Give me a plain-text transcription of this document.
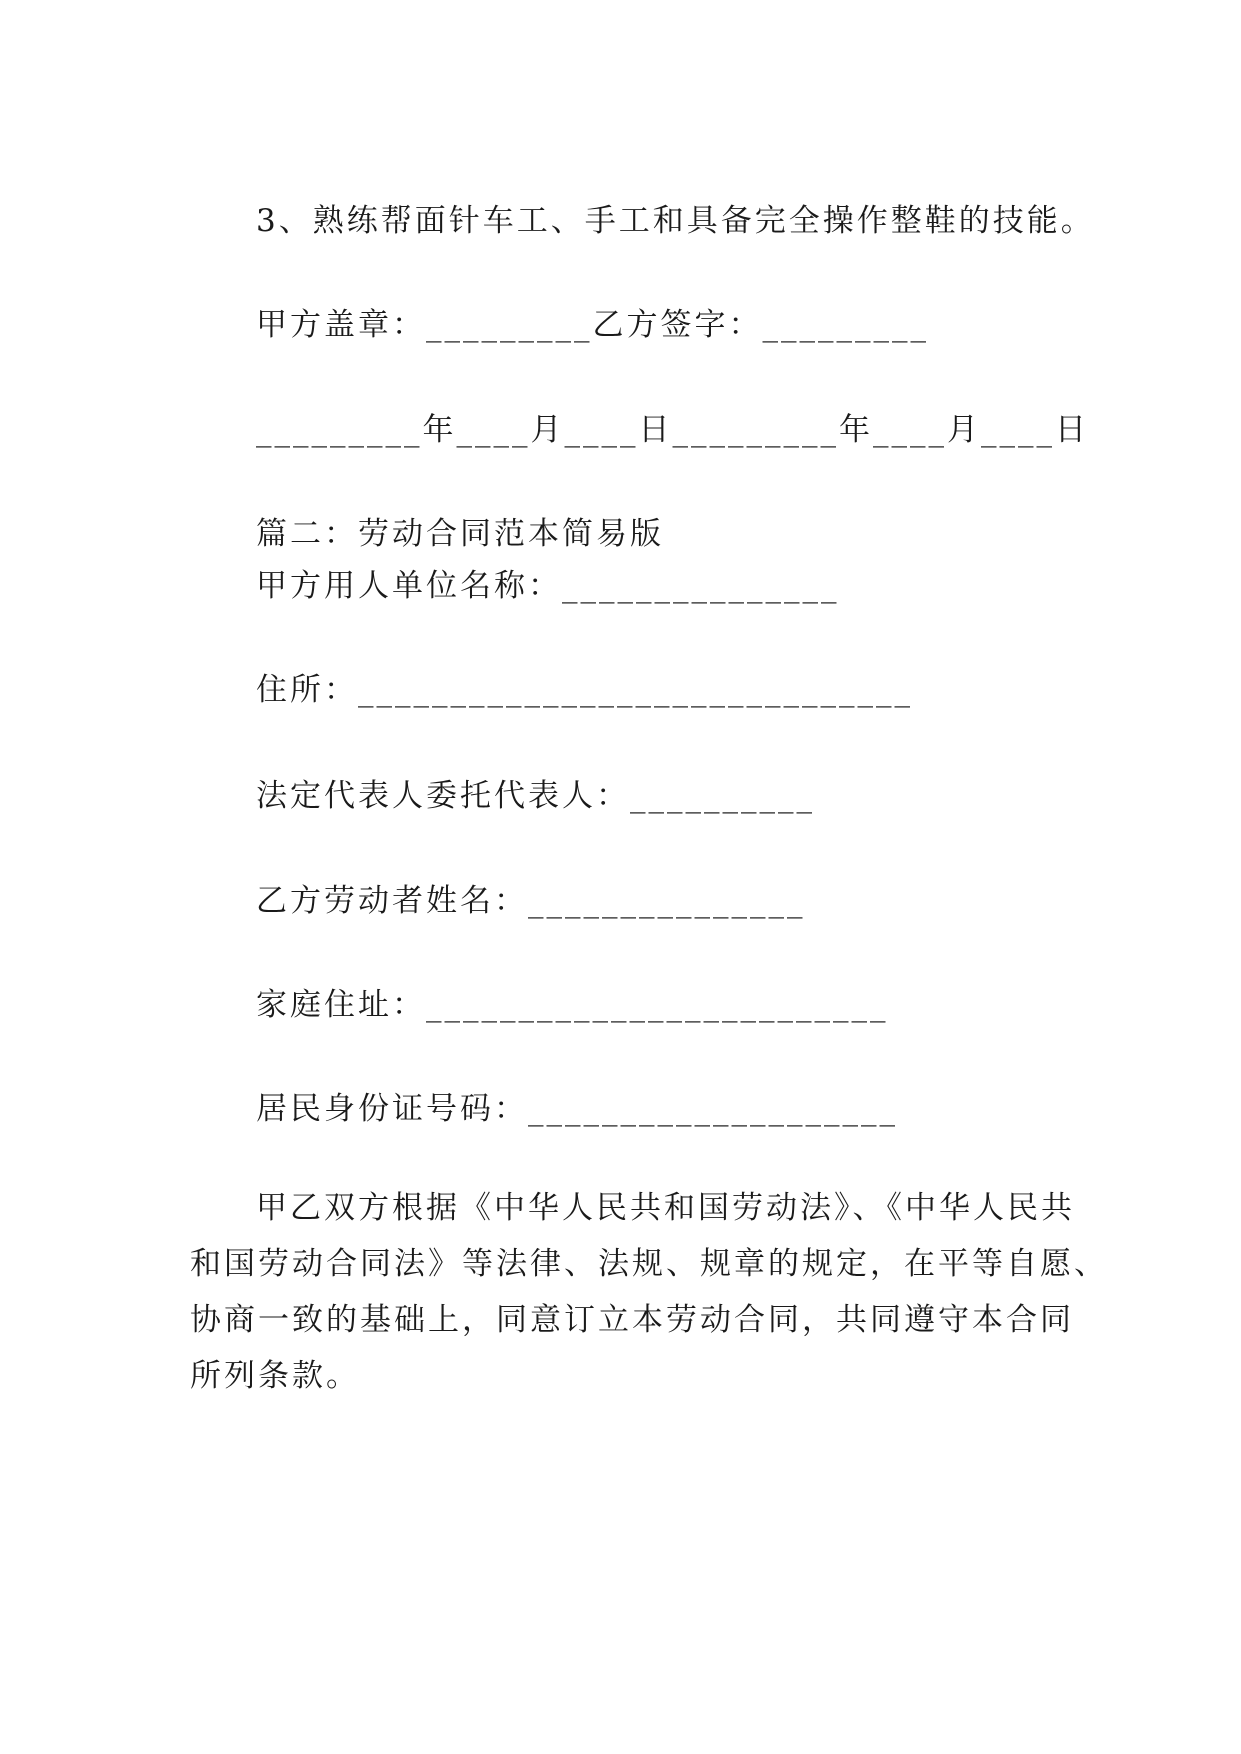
3、熟练帮面针车工、手工和具备完全操作整鞋的技能。
甲方盖章：_________乙方签字：_________
_________年____月____日_________年____月____日
篇二：劳动合同范本简易版
甲方用人单位名称：_______________
住所：______________________________
法定代表人委托代表人：__________
乙方劳动者姓名：_______________
家庭住址：_________________________
居民身份证号码：____________________
甲乙双方根据《中华人民共和国劳动法》、《中华人民共
和国劳动合同法》等法律、法规、规章的规定，在平等自愿、
协商一致的基础上，同意订立本劳动合同，共同遵守本合同
所列条款。
